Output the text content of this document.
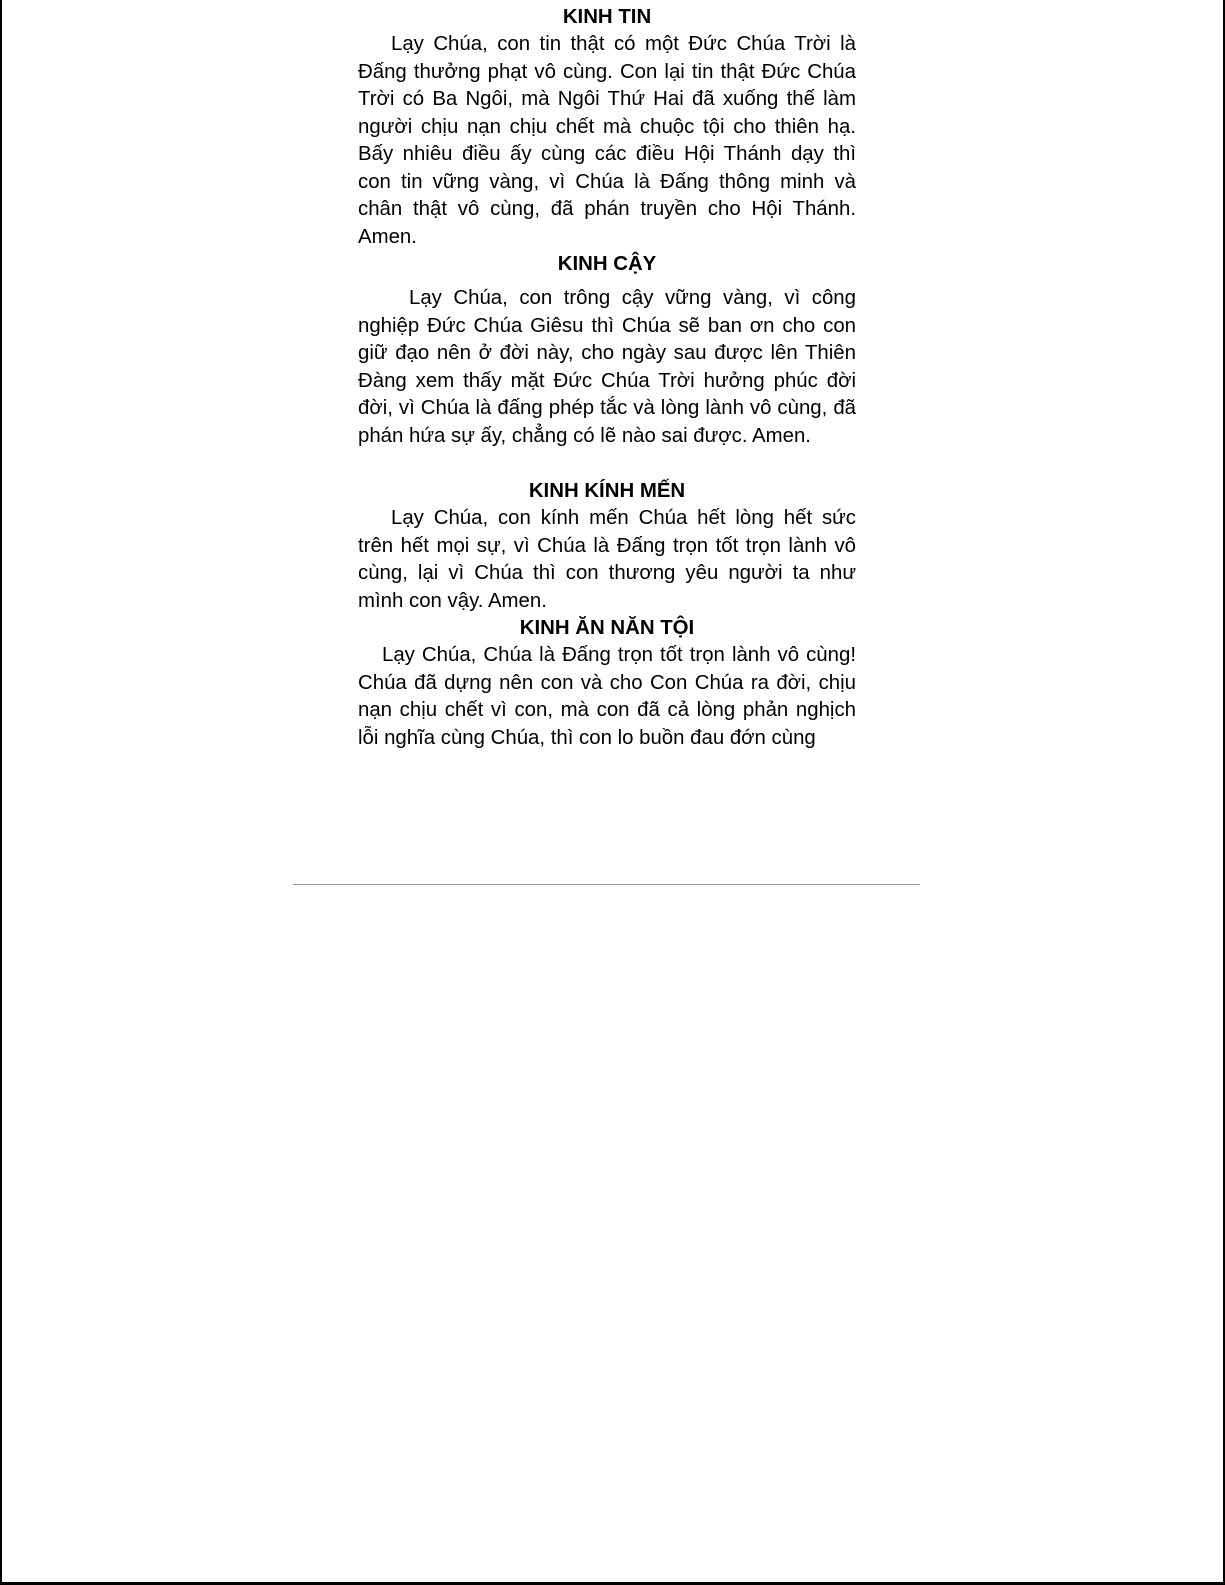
KINH TIN

Lạy Chúa, con tin thật có một Đức Chúa Trời là Đấng thưởng phạt vô cùng. Con lại tin thật Đức Chúa Trời có Ba Ngôi, mà Ngôi Thứ Hai đã xuống thế làm người chịu nạn chịu chết mà chuộc tội cho thiên hạ. Bấy nhiêu điều ấy cùng các điều Hội Thánh dạy thì con tin vững vàng, vì Chúa là Đấng thông minh và chân thật vô cùng, đã phán truyền cho Hội Thánh. Amen.

KINH CẬY

Lạy Chúa, con trông cậy vững vàng, vì công nghiệp Đức Chúa Giêsu thì Chúa sẽ ban ơn cho con giữ đạo nên ở đời này, cho ngày sau được lên Thiên Đàng xem thấy mặt Đức Chúa Trời hưởng phúc đời đời, vì Chúa là đấng phép tắc và lòng lành vô cùng, đã phán hứa sự ấy, chẳng có lẽ nào sai được. Amen.

KINH KÍNH MẾN

Lạy Chúa, con kính mến Chúa hết lòng hết sức trên hết mọi sự, vì Chúa là Đấng trọn tốt trọn lành vô cùng, lại vì Chúa thì con thương yêu người ta như mình con vậy. Amen.

KINH ĂN NĂN TỘI

Lạy Chúa, Chúa là Đấng trọn tốt trọn lành vô cùng! Chúa đã dựng nên con và cho Con Chúa ra đời, chịu nạn chịu chết vì con, mà con đã cả lòng phản nghịch lỗi nghĩa cùng Chúa, thì con lo buồn đau đớn cùng
